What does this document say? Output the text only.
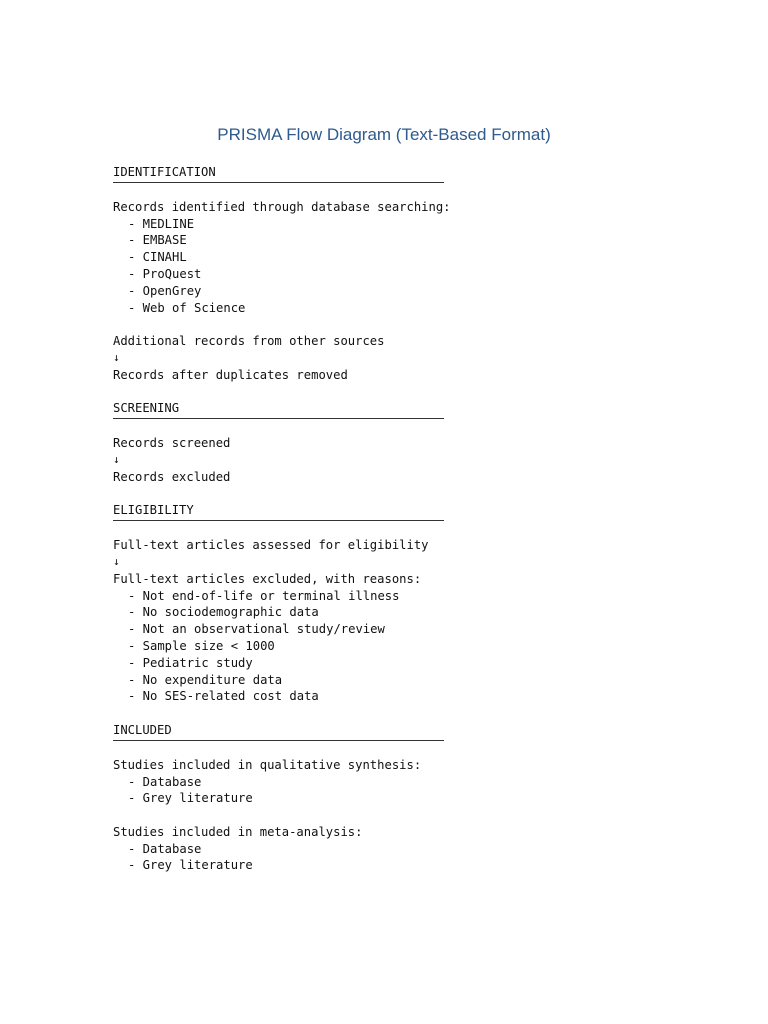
PRISMA Flow Diagram (Text-Based Format)
IDENTIFICATION
Records identified through database searching:
- MEDLINE
- EMBASE
- CINAHL
- ProQuest
- OpenGrey
- Web of Science
Additional records from other sources
↓
Records after duplicates removed
SCREENING
Records screened
↓
Records excluded
ELIGIBILITY
Full-text articles assessed for eligibility
↓
Full-text articles excluded, with reasons:
- Not end-of-life or terminal illness
- No sociodemographic data
- Not an observational study/review
- Sample size < 1000
- Pediatric study
- No expenditure data
- No SES-related cost data
INCLUDED
Studies included in qualitative synthesis:
- Database
- Grey literature
Studies included in meta-analysis:
- Database
- Grey literature
